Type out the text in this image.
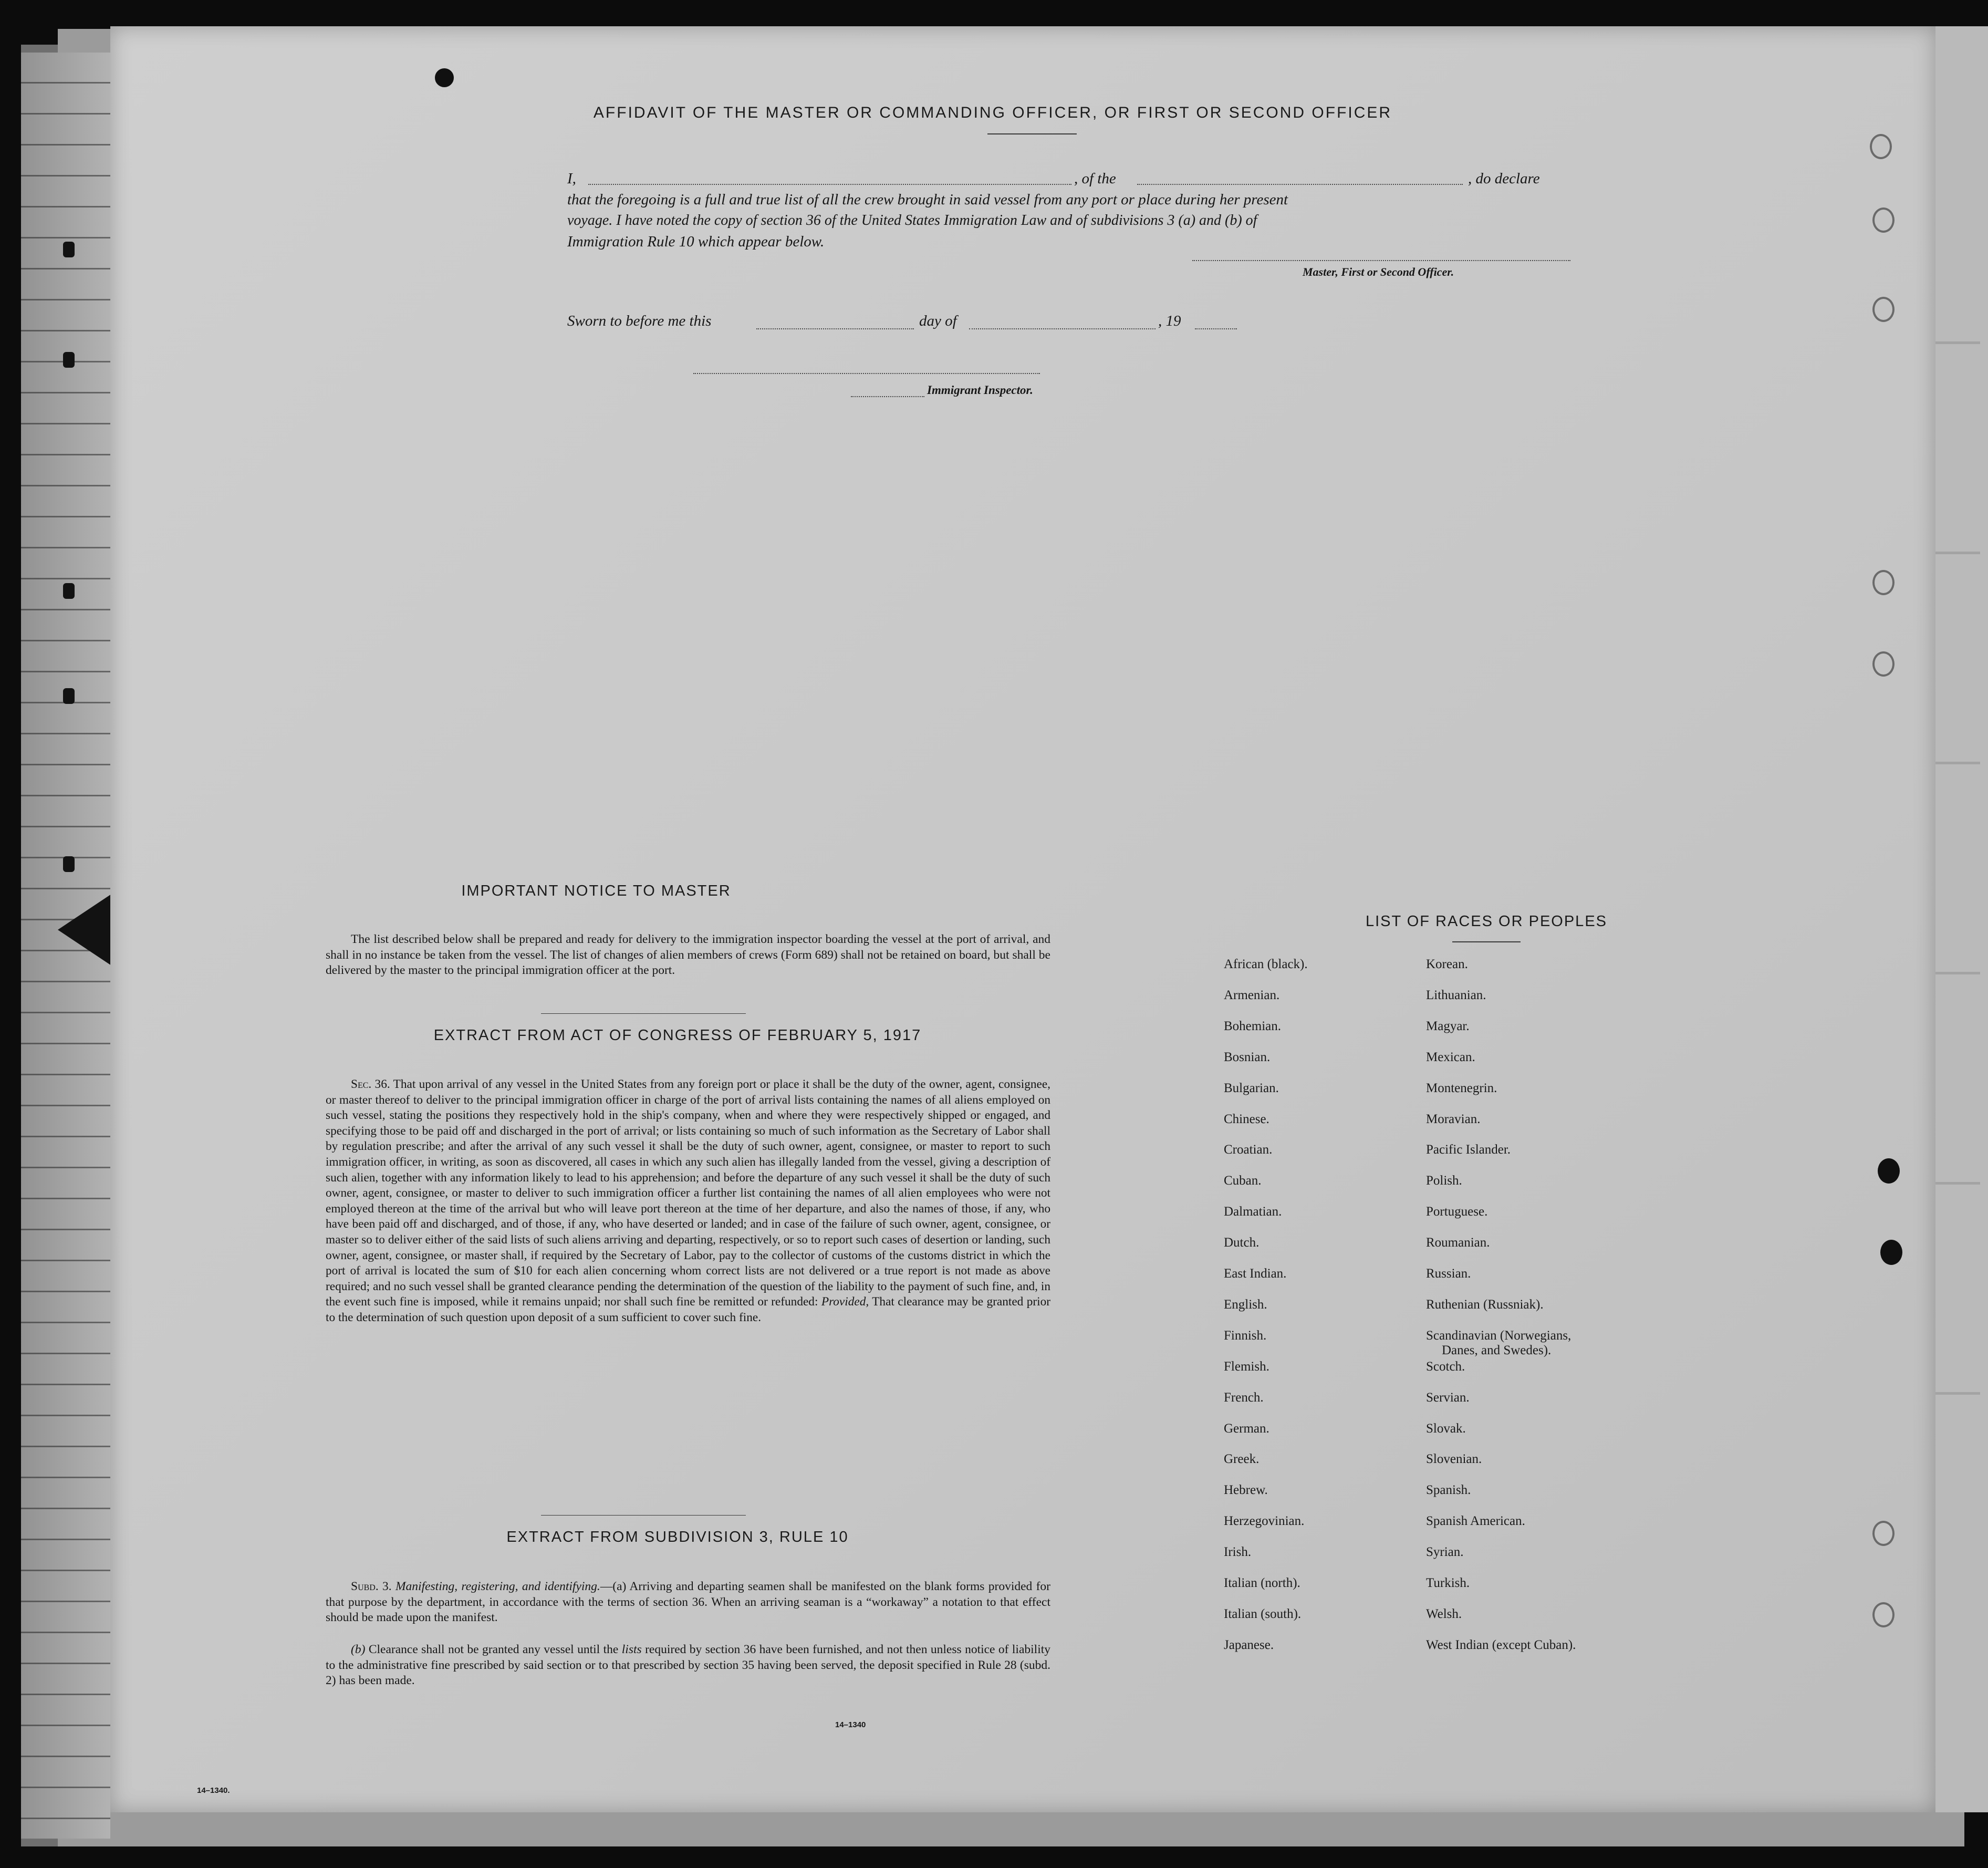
AFFIDAVIT OF THE MASTER OR COMMANDING OFFICER, OR FIRST OR SECOND OFFICER
I,	, of the	, do declare
that the foregoing is a full and true list of all the crew brought in said vessel from any port or place during her present
voyage. I have noted the copy of section 36 of the United States Immigration Law and of subdivisions 3 (a) and (b) of
Immigration Rule 10 which appear below.
Master, First or Second Officer.
Sworn to before me this	day of	, 19
Immigrant Inspector.
IMPORTANT NOTICE TO MASTER
The list described below shall be prepared and ready for delivery to the immigration inspector boarding the vessel at the port of arrival, and shall in no instance be taken from the vessel. The list of changes of alien members of crews (Form 689) shall not be retained on board, but shall be delivered by the master to the principal immigration officer at the port.
EXTRACT FROM ACT OF CONGRESS OF FEBRUARY 5, 1917
Sec. 36. That upon arrival of any vessel in the United States from any foreign port or place it shall be the duty of the owner, agent, consignee, or master thereof to deliver to the principal immigration officer in charge of the port of arrival lists containing the names of all aliens employed on such vessel, stating the positions they respectively hold in the ship's company, when and where they were respectively shipped or engaged, and specifying those to be paid off and discharged in the port of arrival; or lists containing so much of such information as the Secretary of Labor shall by regulation prescribe; and after the arrival of any such vessel it shall be the duty of such owner, agent, consignee, or master to report to such immigration officer, in writing, as soon as discovered, all cases in which any such alien has illegally landed from the vessel, giving a description of such alien, together with any information likely to lead to his apprehension; and before the departure of any such vessel it shall be the duty of such owner, agent, consignee, or master to deliver to such immigration officer a further list containing the names of all alien employees who were not employed thereon at the time of the arrival but who will leave port thereon at the time of her departure, and also the names of those, if any, who have been paid off and discharged, and of those, if any, who have deserted or landed; and in case of the failure of such owner, agent, consignee, or master so to deliver either of the said lists of such aliens arriving and departing, respectively, or so to report such cases of desertion or landing, such owner, agent, consignee, or master shall, if required by the Secretary of Labor, pay to the collector of customs of the customs district in which the port of arrival is located the sum of $10 for each alien concerning whom correct lists are not delivered or a true report is not made as above required; and no such vessel shall be granted clearance pending the determination of the question of the liability to the payment of such fine, and, in the event such fine is imposed, while it remains unpaid; nor shall such fine be remitted or refunded: Provided, That clearance may be granted prior to the determination of such question upon deposit of a sum sufficient to cover such fine.
EXTRACT FROM SUBDIVISION 3, RULE 10
Subd. 3. Manifesting, registering, and identifying.—(a) Arriving and departing seamen shall be manifested on the blank forms provided for that purpose by the department, in accordance with the terms of section 36. When an arriving seaman is a “workaway” a notation to that effect should be made upon the manifest.
(b) Clearance shall not be granted any vessel until the lists required by section 36 have been furnished, and not then unless notice of liability to the administrative fine prescribed by said section or to that prescribed by section 35 having been served, the deposit specified in Rule 28 (subd. 2) has been made.
14–1340
14–1340.
LIST OF RACES OR PEOPLES
African (black).
Armenian.
Bohemian.
Bosnian.
Bulgarian.
Chinese.
Croatian.
Cuban.
Dalmatian.
Dutch.
East Indian.
English.
Finnish.
Flemish.
French.
German.
Greek.
Hebrew.
Herzegovinian.
Irish.
Italian (north).
Italian (south).
Japanese.
Korean.
Lithuanian.
Magyar.
Mexican.
Montenegrin.
Moravian.
Pacific Islander.
Polish.
Portuguese.
Roumanian.
Russian.
Ruthenian (Russniak).
Scandinavian (Norwegians,
Danes, and Swedes).
Scotch.
Servian.
Slovak.
Slovenian.
Spanish.
Spanish American.
Syrian.
Turkish.
Welsh.
West Indian (except Cuban).
